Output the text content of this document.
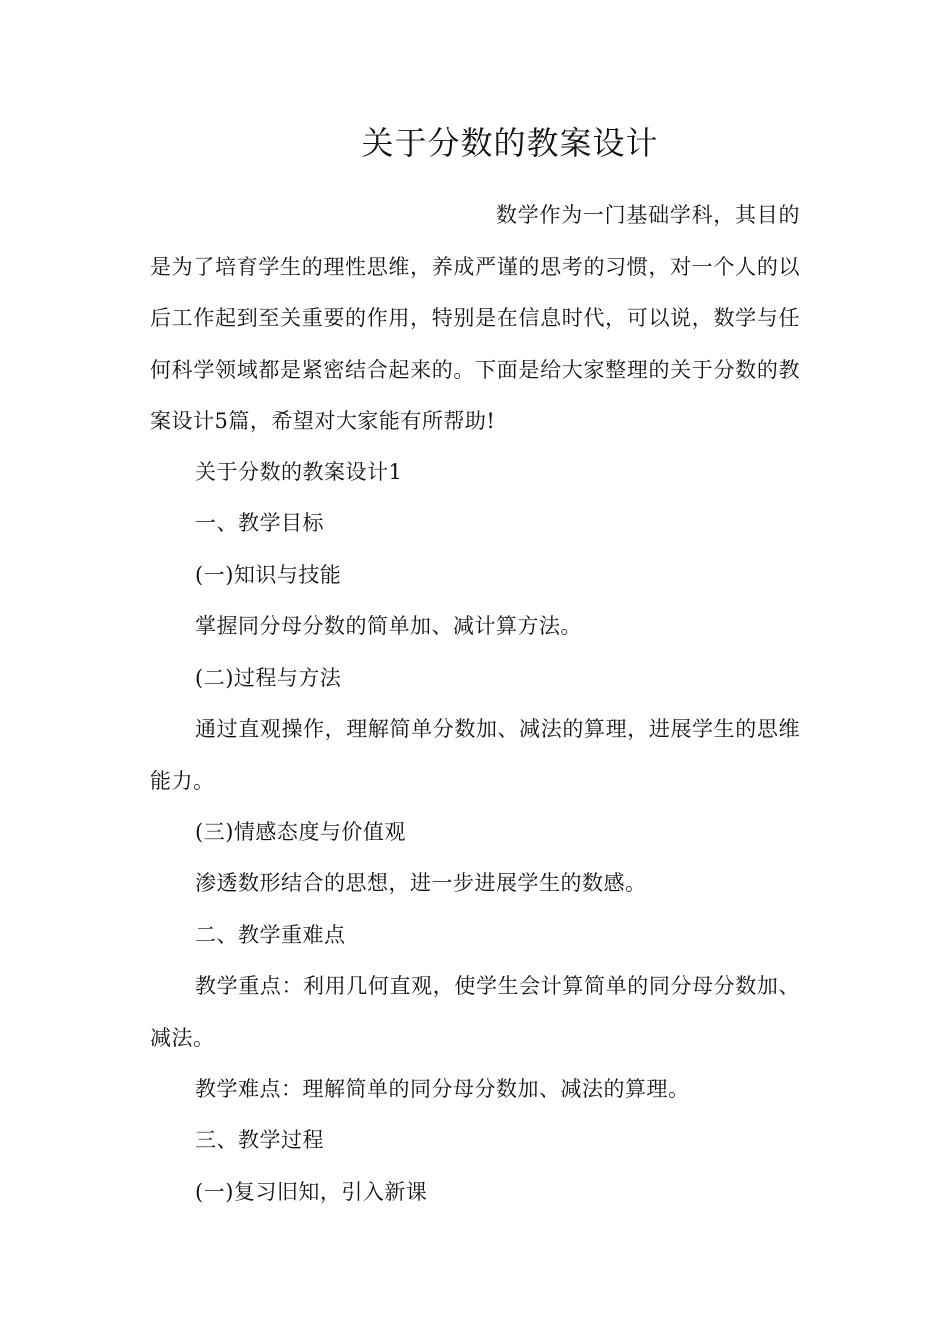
关于分数的教案设计
数学作为一门基础学科，其目的是为了培育学生的理性思维，养成严谨的思考的习惯，对一个人的以后工作起到至关重要的作用，特别是在信息时代，可以说，数学与任何科学领域都是紧密结合起来的。下面是给大家整理的关于分数的教案设计5篇，希望对大家能有所帮助!
关于分数的教案设计1
一、教学目标
(一)知识与技能
掌握同分母分数的简单加、减计算方法。
(二)过程与方法
通过直观操作，理解简单分数加、减法的算理，进展学生的思维能力。
(三)情感态度与价值观
渗透数形结合的思想，进一步进展学生的数感。
二、教学重难点
教学重点：利用几何直观，使学生会计算简单的同分母分数加、减法。
教学难点：理解简单的同分母分数加、减法的算理。
三、教学过程
(一)复习旧知，引入新课
